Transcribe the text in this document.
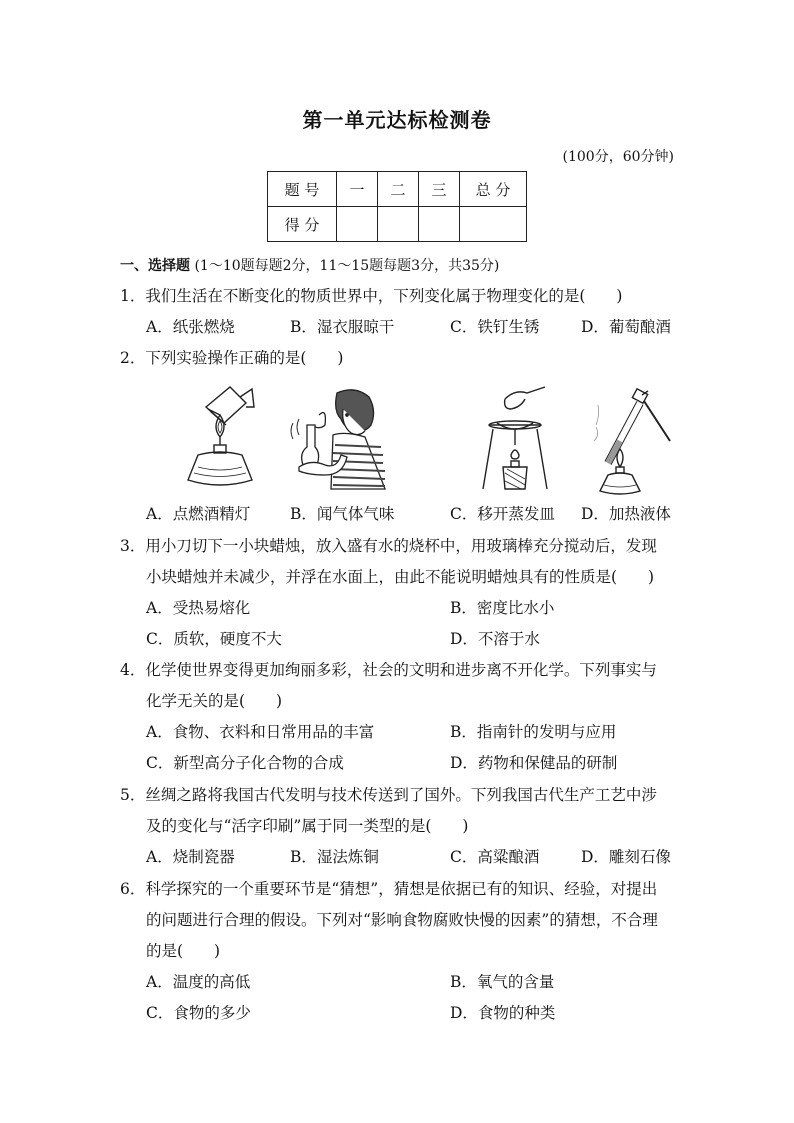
第一单元达标检测卷
(100分，60分钟)
题 号	一	二	三	总 分
得 分				
一、选择题 (1～10题每题2分，11～15题每题3分，共35分)
1．我们生活在不断变化的物质世界中，下列变化属于物理变化的是(　　)
A．纸张燃烧	B．湿衣服晾干	C．铁钉生锈	D．葡萄酿酒
2．下列实验操作正确的是(　　)
A．点燃酒精灯	B．闻气体气味	C．移开蒸发皿 D．加热液体
3．用小刀切下一小块蜡烛，放入盛有水的烧杯中，用玻璃棒充分搅动后，发现
小块蜡烛并未减少，并浮在水面上，由此不能说明蜡烛具有的性质是(　　)
A．受热易熔化	B．密度比水小
C．质软，硬度不大	D．不溶于水
4．化学使世界变得更加绚丽多彩，社会的文明和进步离不开化学。下列事实与
化学无关的是(　　)
A．食物、衣料和日常用品的丰富	B．指南针的发明与应用
C．新型高分子化合物的合成	D．药物和保健品的研制
5．丝绸之路将我国古代发明与技术传送到了国外。下列我国古代生产工艺中涉
及的变化与“活字印刷”属于同一类型的是(　　)
A．烧制瓷器	B．湿法炼铜	C．高粱酿酒	D．雕刻石像
6．科学探究的一个重要环节是“猜想”，猜想是依据已有的知识、经验，对提出
的问题进行合理的假设。下列对“影响食物腐败快慢的因素”的猜想，不合理
的是(　　)
A．温度的高低	B．氧气的含量
C．食物的多少	D．食物的种类
